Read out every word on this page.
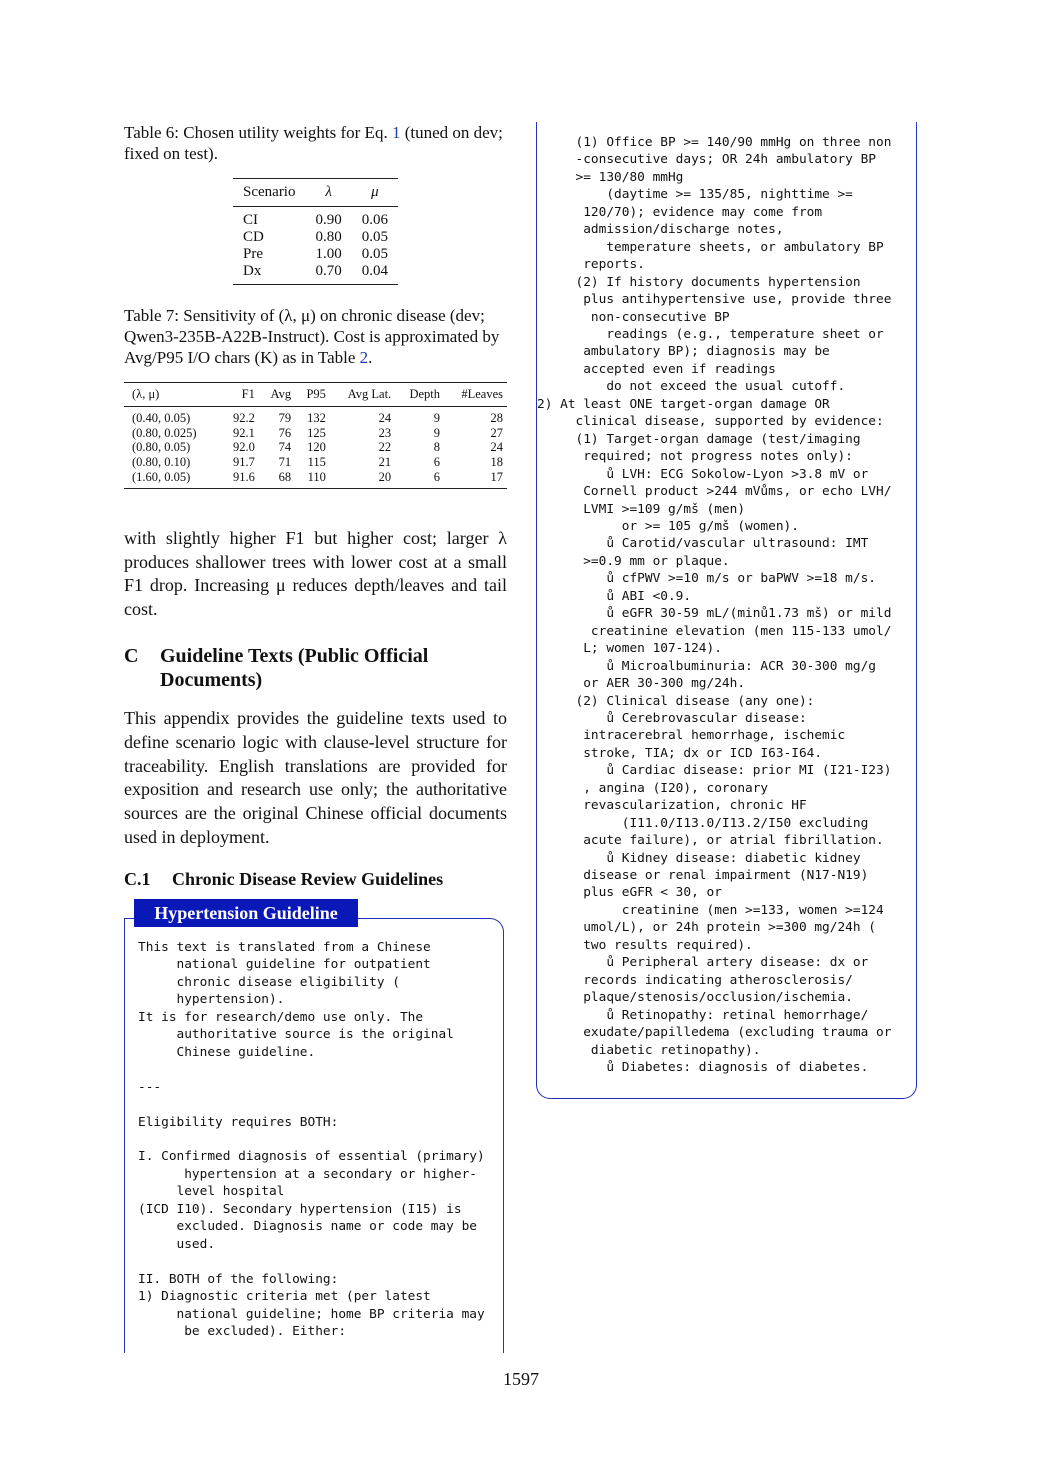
Table 6: Chosen utility weights for Eq. 1 (tuned on dev; fixed on test).

Scenario	λ	μ
CI	0.90	0.06
CD	0.80	0.05
Pre	1.00	0.05
Dx	0.70	0.04

Table 7: Sensitivity of (λ, μ) on chronic disease (dev; Qwen3-235B-A22B-Instruct). Cost is approximated by Avg/P95 I/O chars (K) as in Table 2.

(λ, μ)	F1	Avg	P95	Avg Lat.	Depth	#Leaves
(0.40, 0.05)	92.2	79	132	24	9	28
(0.80, 0.025)	92.1	76	125	23	9	27
(0.80, 0.05)	92.0	74	120	22	8	24
(0.80, 0.10)	91.7	71	115	21	6	18
(1.60, 0.05)	91.6	68	110	20	6	17

with slightly higher F1 but higher cost; larger λ produces shallower trees with lower cost at a small F1 drop. Increasing μ reduces depth/leaves and tail cost.

C	Guideline Texts (Public Official Documents)

This appendix provides the guideline texts used to define scenario logic with clause-level structure for traceability. English translations are provided for exposition and research use only; the authoritative sources are the original Chinese official documents used in deployment.

C.1	Chronic Disease Review Guidelines
Hypertension Guideline
This text is translated from a Chinese
national guideline for outpatient
chronic disease eligibility (
hypertension).
It is for research/demo use only. The
authoritative source is the original
Chinese guideline.

---

Eligibility requires BOTH:

I. Confirmed diagnosis of essential (primary)
hypertension at a secondary or higher-
level hospital
(ICD I10). Secondary hypertension (I15) is
excluded. Diagnosis name or code may be
used.

II. BOTH of the following:
1) Diagnostic criteria met (per latest
national guideline; home BP criteria may
be excluded). Either:
(1) Office BP >= 140/90 mmHg on three non
-consecutive days; OR 24h ambulatory BP
>= 130/80 mmHg
(daytime >= 135/85, nighttime >=
120/70); evidence may come from
admission/discharge notes,
temperature sheets, or ambulatory BP
reports.
(2) If history documents hypertension
plus antihypertensive use, provide three
non-consecutive BP
readings (e.g., temperature sheet or
ambulatory BP); diagnosis may be
accepted even if readings
do not exceed the usual cutoff.
2) At least ONE target-organ damage OR
clinical disease, supported by evidence:
(1) Target-organ damage (test/imaging
required; not progress notes only):
ů LVH: ECG Sokolow-Lyon >3.8 mV or
Cornell product >244 mVůms, or echo LVH/
LVMI >=109 g/mš (men)
or >= 105 g/mš (women).
ů Carotid/vascular ultrasound: IMT
>=0.9 mm or plaque.
ů cfPWV >=10 m/s or baPWV >=18 m/s.
ů ABI <0.9.
ů eGFR 30-59 mL/(minů1.73 mš) or mild
creatinine elevation (men 115-133 umol/
L; women 107-124).
ů Microalbuminuria: ACR 30-300 mg/g
or AER 30-300 mg/24h.
(2) Clinical disease (any one):
ů Cerebrovascular disease:
intracerebral hemorrhage, ischemic
stroke, TIA; dx or ICD I63-I64.
ů Cardiac disease: prior MI (I21-I23)
, angina (I20), coronary
revascularization, chronic HF
(I11.0/I13.0/I13.2/I50 excluding
acute failure), or atrial fibrillation.
ů Kidney disease: diabetic kidney
disease or renal impairment (N17-N19)
plus eGFR < 30, or
creatinine (men >=133, women >=124
umol/L), or 24h protein >=300 mg/24h (
two results required).
ů Peripheral artery disease: dx or
records indicating atherosclerosis/
plaque/stenosis/occlusion/ischemia.
ů Retinopathy: retinal hemorrhage/
exudate/papilledema (excluding trauma or
diabetic retinopathy).
ů Diabetes: diagnosis of diabetes.
1597
